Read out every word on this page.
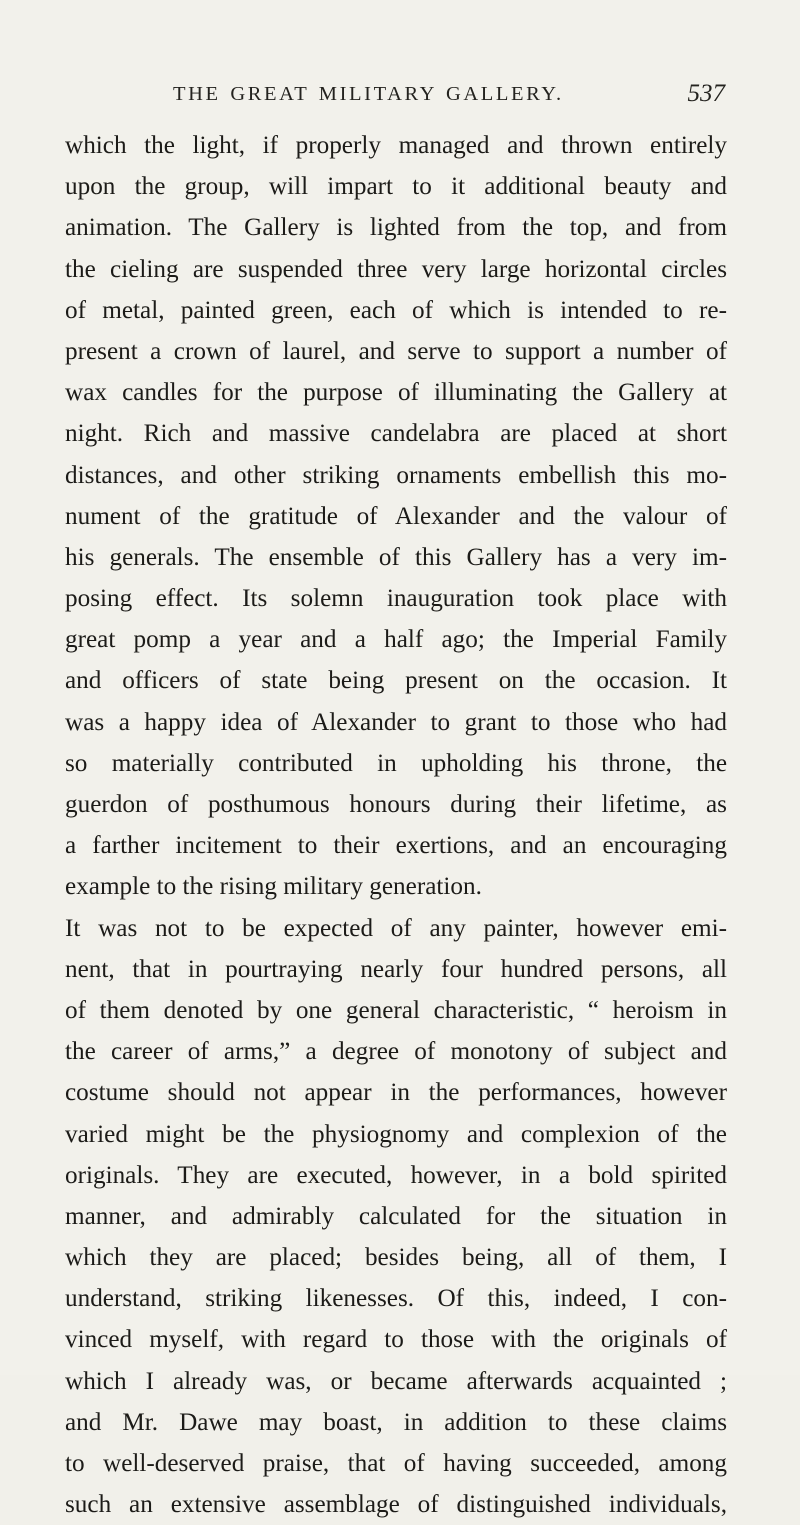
THE GREAT MILITARY GALLERY.	537
which the light, if properly managed and thrown entirely
upon the group, will impart to it additional beauty and
animation. The Gallery is lighted from the top, and from
the cieling are suspended three very large horizontal circles
of metal, painted green, each of which is intended to re-
present a crown of laurel, and serve to support a number of
wax candles for the purpose of illuminating the Gallery at
night. Rich and massive candelabra are placed at short
distances, and other striking ornaments embellish this mo-
nument of the gratitude of Alexander and the valour of
his generals. The ensemble of this Gallery has a very im-
posing effect. Its solemn inauguration took place with
great pomp a year and a half ago; the Imperial Family
and officers of state being present on the occasion. It
was a happy idea of Alexander to grant to those who had
so materially contributed in upholding his throne, the
guerdon of posthumous honours during their lifetime, as
a farther incitement to their exertions, and an encouraging
example to the rising military generation.
It was not to be expected of any painter, however emi-
nent, that in pourtraying nearly four hundred persons, all
of them denoted by one general characteristic, “ heroism in
the career of arms,” a degree of monotony of subject and
costume should not appear in the performances, however
varied might be the physiognomy and complexion of the
originals. They are executed, however, in a bold spirited
manner, and admirably calculated for the situation in
which they are placed; besides being, all of them, I
understand, striking likenesses. Of this, indeed, I con-
vinced myself, with regard to those with the originals of
which I already was, or became afterwards acquainted ;
and Mr. Dawe may boast, in addition to these claims
to well-deserved praise, that of having succeeded, among
such an extensive assemblage of distinguished individuals,
